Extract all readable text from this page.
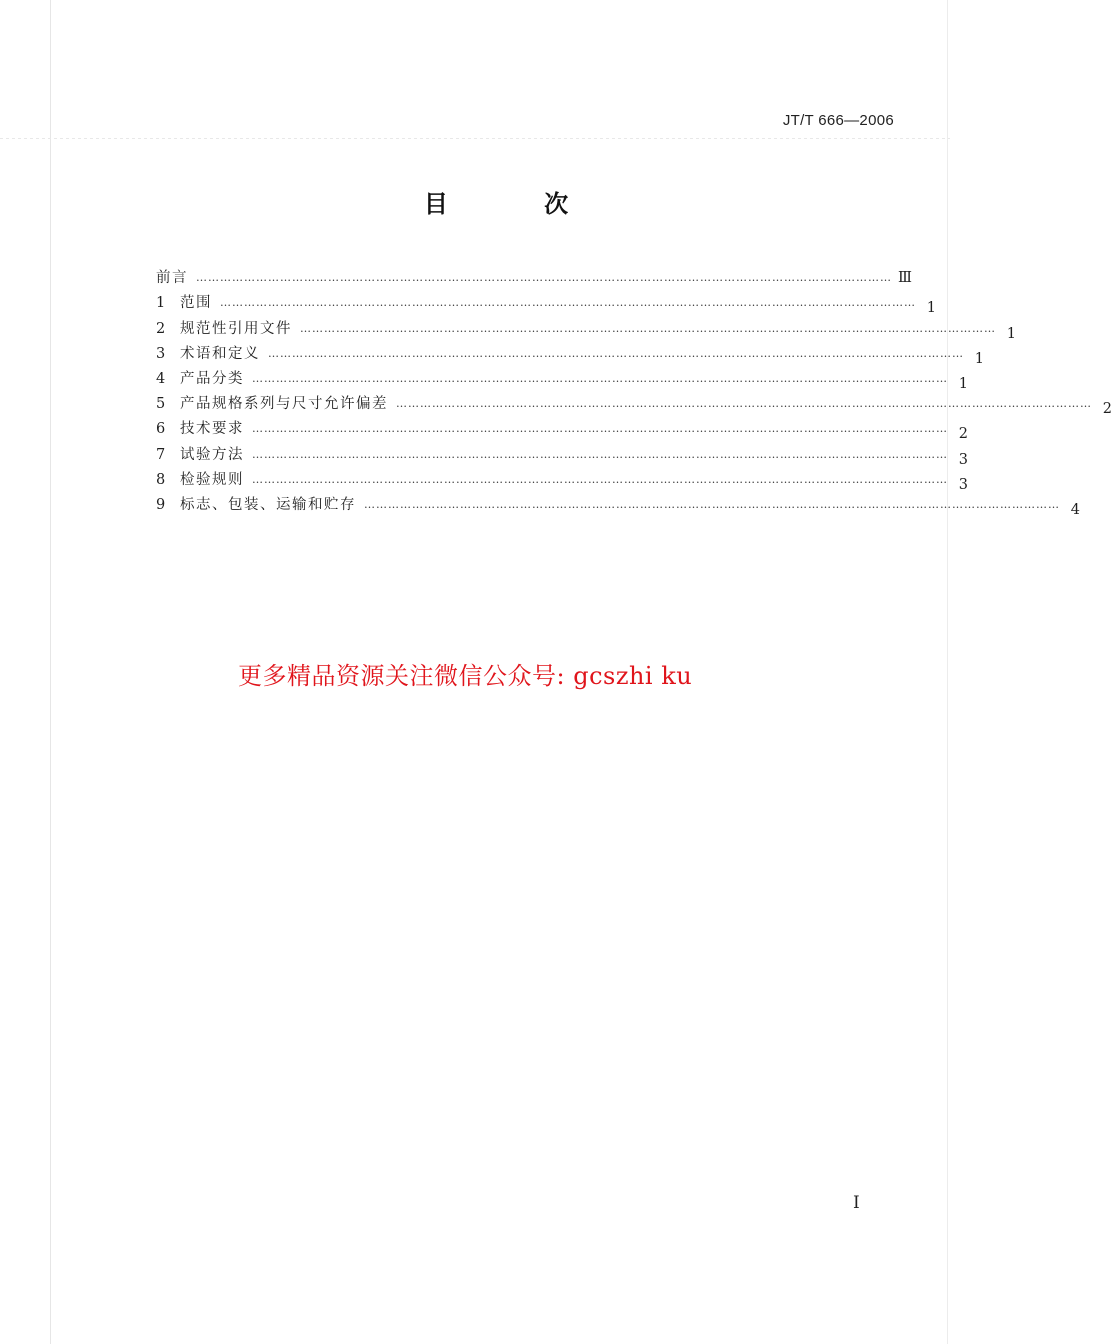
JT/T 666—2006
目 次
前言 ………………………………………………………………………………………………………………………………………………………… Ⅲ
1	范围 ………………………………………………………………………………………………………………………………………………………… 1
2	规范性引用文件 ………………………………………………………………………………………………………………………………………………………… 1
3	术语和定义 ………………………………………………………………………………………………………………………………………………………… 1
4	产品分类 ………………………………………………………………………………………………………………………………………………………… 1
5	产品规格系列与尺寸允许偏差 ………………………………………………………………………………………………………………………………………………………… 2
6	技术要求 ………………………………………………………………………………………………………………………………………………………… 2
7	试验方法 ………………………………………………………………………………………………………………………………………………………… 3
8	检验规则 ………………………………………………………………………………………………………………………………………………………… 3
9	标志、包装、运输和贮存 ………………………………………………………………………………………………………………………………………………………… 4
更多精品资源关注微信公众号: gcszhi ku
I
